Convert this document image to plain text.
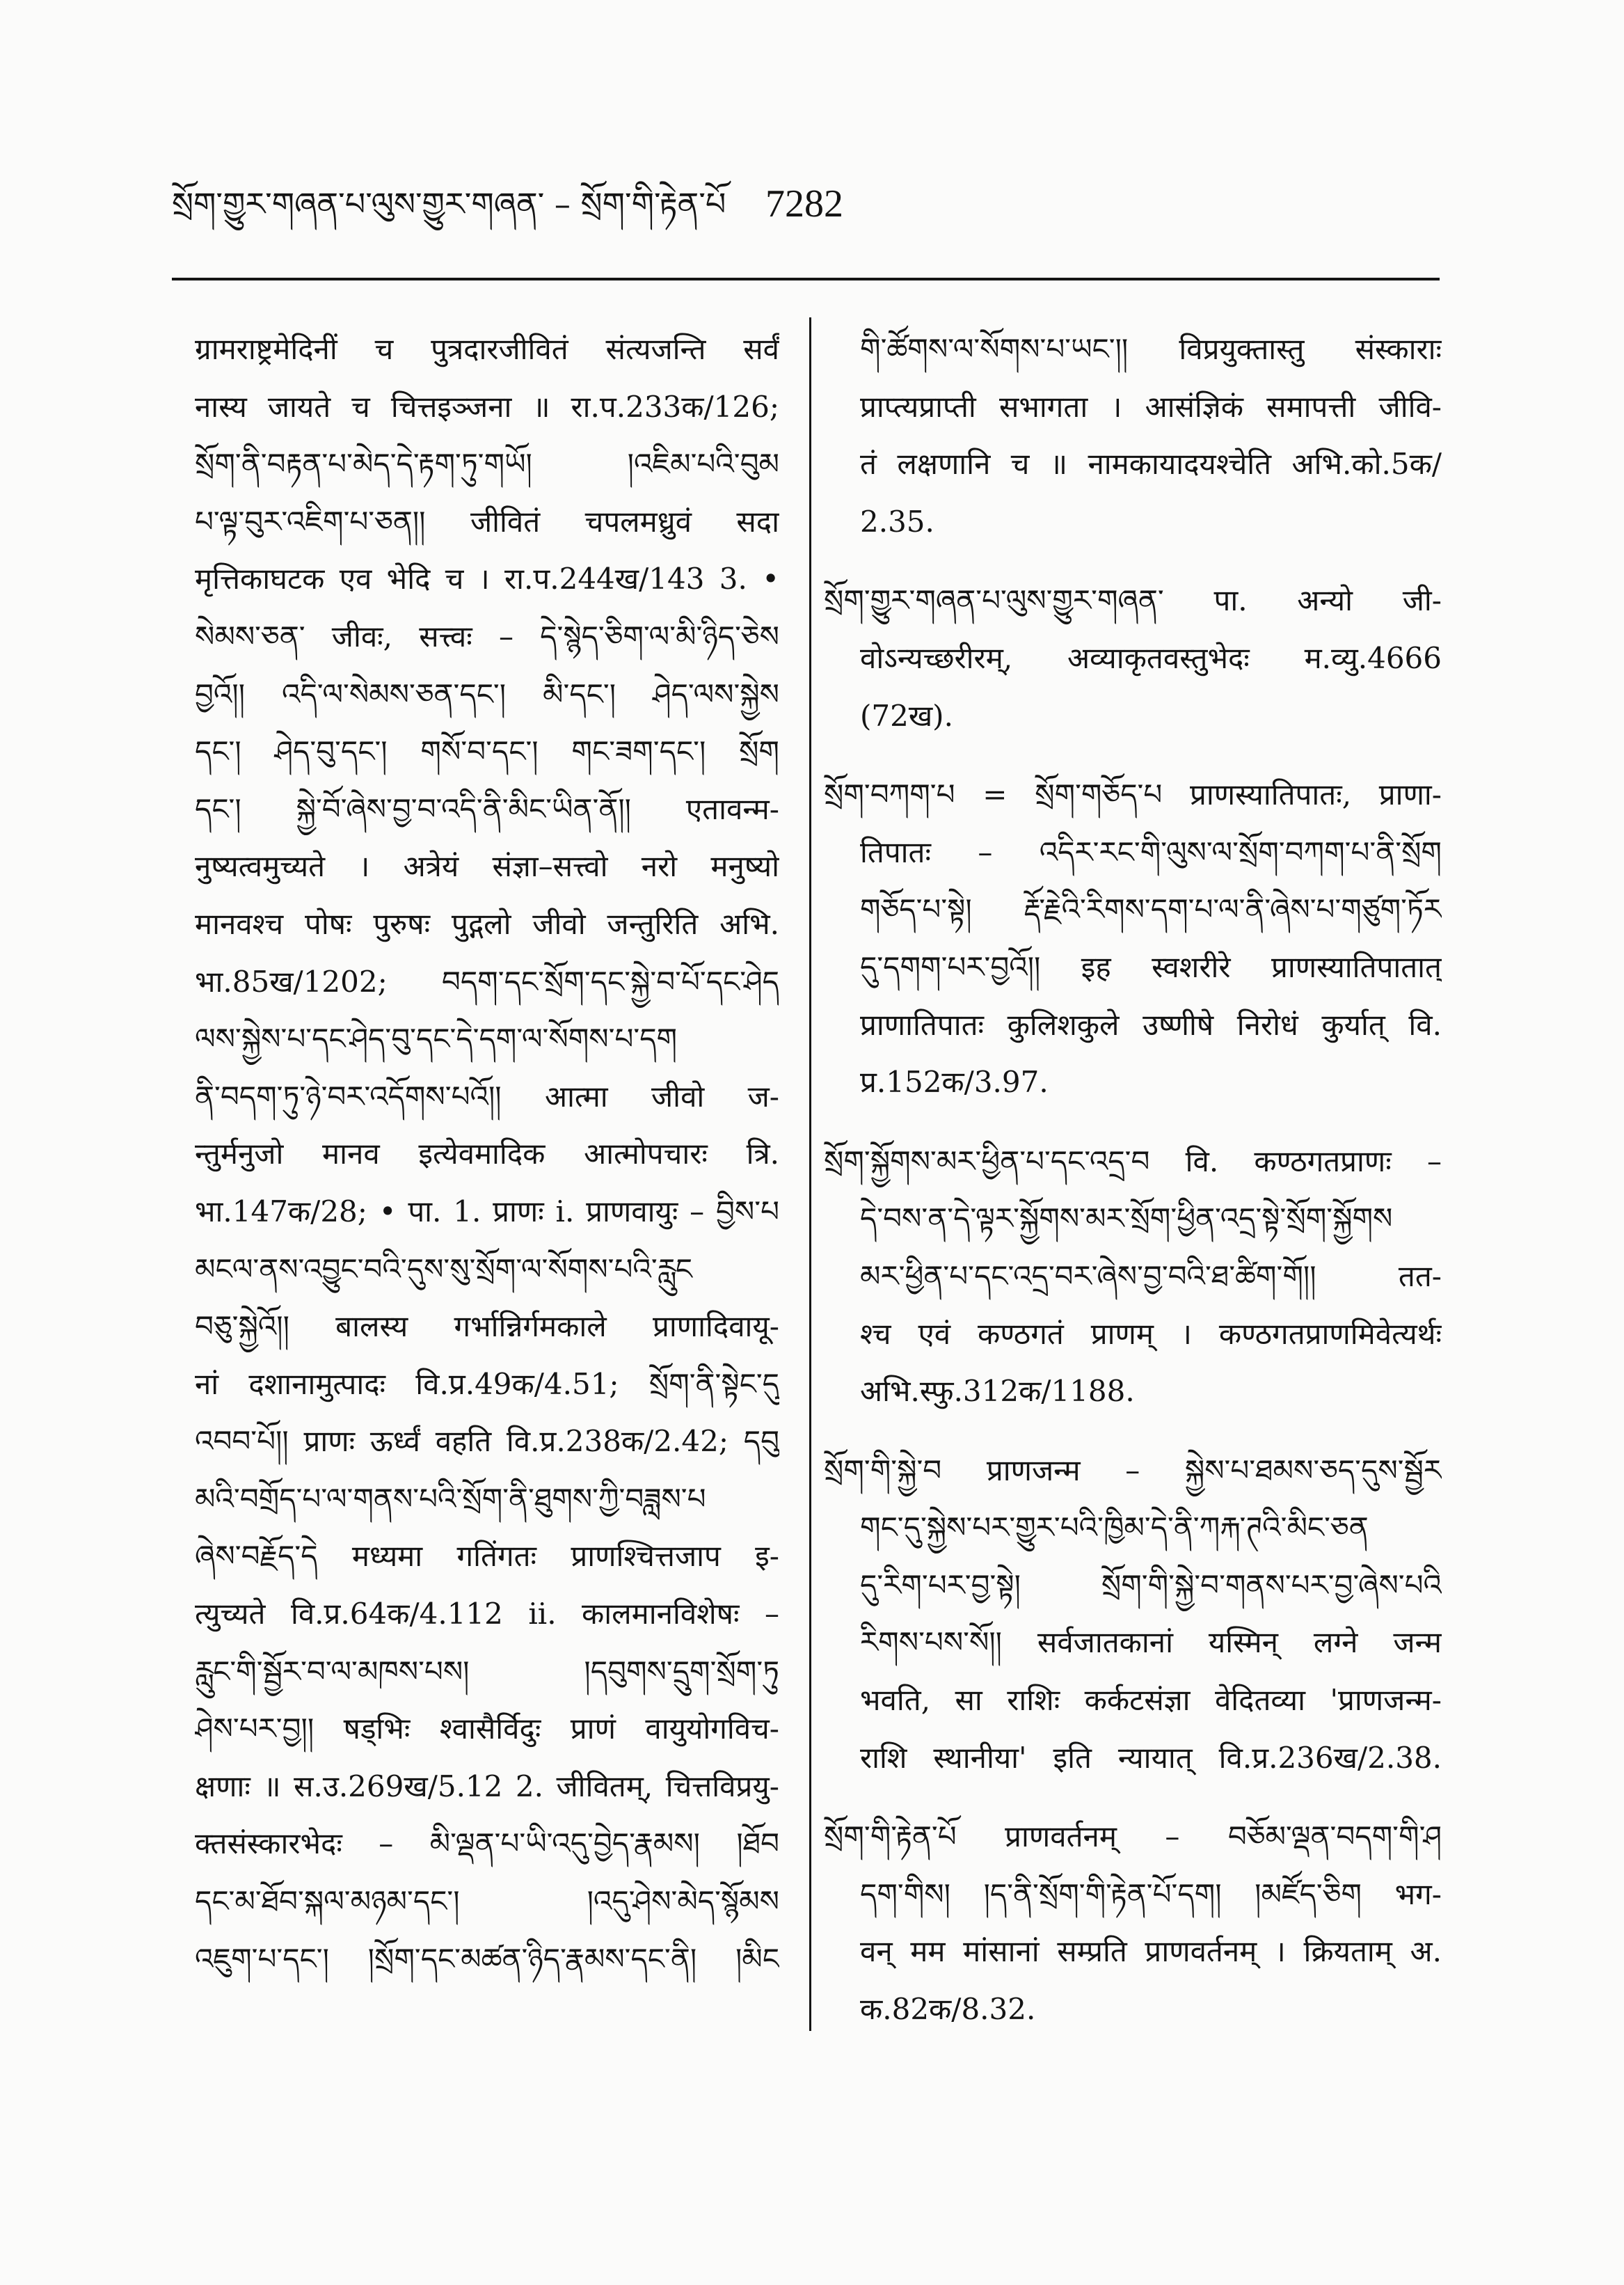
སྲོག་གྱུར་གཞན་པ་ལུས་གྱུར་གཞན་ – སྲོག་གི་རྟེན་པོ 7282
ग्रामराष्ट्रमेदिनीं च पुत्रदारजीवितं संत्यजन्ति सर्वं
नास्य जायते च चित्तइञ्जना ॥ रा.प.233क/126;
སྲོག་ནི་བརྟན་པ་མེད་དེ་རྟག་ཏུ་གཡོ། །འཇིམ་པའི་བུམ
པ་ལྟ་བུར་འཇིག་པ་ཅན།། जीवितं चपलमध्रुवं सदा
मृत्तिकाघटक एव भेदि च । रा.प.244ख/143 3. •
སེམས་ཅན་ जीवः, सत्त्वः – དེ་སྙེད་ཅིག་ལ་མི་ཉིད་ཅེས
བྱའོ།། འདི་ལ་སེམས་ཅན་དང་། མི་དང་། ཤེད་ལས་སྐྱེས
དང་། ཤེད་བུ་དང་། གསོ་བ་དང་། གང་ཟག་དང་། སྲོག
དང་། སྐྱེ་བོ་ཞེས་བྱ་བ་འདི་ནི་མིང་ཡིན་ནོ།། एतावन्म-
नुष्यत्वमुच्यते । अत्रेयं संज्ञा–सत्त्वो नरो मनुष्यो
मानवश्च पोषः पुरुषः पुद्गलो जीवो जन्तुरिति अभि.
भा.85ख/1202; བདག་དང་སྲོག་དང་སྐྱེ་བ་པོ་དང་ཤེད
ལས་སྐྱེས་པ་དང་ཤེད་བུ་དང་དེ་དག་ལ་སོགས་པ་དག
ནི་བདག་ཏུ་ཉེ་བར་འདོགས་པའོ།། आत्मा जीवो ज-
न्तुर्मनुजो मानव इत्येवमादिक आत्मोपचारः त्रि.
भा.147क/28; • पा. 1. प्राणः i. प्राणवायुः – བྱིས་པ
མངལ་ནས་འབྱུང་བའི་དུས་སུ་སྲོག་ལ་སོགས་པའི་རླུང
བཅུ་སྐྱེའོ།། बालस्य गर्भान्निर्गमकाले प्राणादिवायू-
नां दशानामुत्पादः वि.प्र.49क/4.51; སྲོག་ནི་སྟེང་དུ
འབབ་པོ།། प्राणः ऊर्ध्वं वहति वि.प्र.238क/2.42; དབུ
མའི་བགྲོད་པ་ལ་གནས་པའི་སྲོག་ནི་ཐུགས་ཀྱི་བཟླས་པ
ཞེས་བརྗོད་དེ मध्यमा गतिंगतः प्राणश्चित्तजाप इ-
त्युच्यते वि.प्र.64क/4.112 ii. कालमानविशेषः –
རླུང་གི་སྦྱོར་བ་ལ་མཁས་པས། །དབུགས་དྲུག་སྲོག་ཏུ
ཤེས་པར་བྱ།། षड्भिः श्वासैर्विदुः प्राणं वायुयोगविच-
क्षणाः ॥ स.उ.269ख/5.12 2. जीवितम्, चित्तविप्रयु-
क्तसंस्कारभेदः – མི་ལྡན་པ་ཡི་འདུ་བྱེད་རྣམས། །ཐོབ
དང་མ་ཐོབ་སྐལ་མཉམ་དང་། །འདུ་ཤེས་མེད་སྙོམས
འཇུག་པ་དང་། །སྲོག་དང་མཚན་ཉིད་རྣམས་དང་ནི། །མིང
གི་ཚོགས་ལ་སོགས་པ་ཡང་།། विप्रयुक्तास्तु संस्काराः
प्राप्त्यप्राप्ती सभागता । आसंज्ञिकं समापत्ती जीवि-
तं लक्षणानि च ॥ नामकायादयश्चेति अभि.को.5क/
2.35.
སྲོག་གྱུར་གཞན་པ་ལུས་གྱུར་གཞན་ पा. अन्यो जी-
वोऽन्यच्छरीरम्, अव्याकृतवस्तुभेदः म.व्यु.4666
(72ख).
སྲོག་བཀག་པ = སྲོག་གཅོད་པ प्राणस्यातिपातः, प्राणा-
तिपातः – འདིར་རང་གི་ལུས་ལ་སྲོག་བཀག་པ་ནི་སྲོག
གཅོད་པ་སྟེ། རྡོ་རྗེའི་རིགས་དག་པ་ལ་ནི་ཞེས་པ་གཙུག་ཏོར
དུ་དགག་པར་བྱའོ།། इह स्वशरीरे प्राणस्यातिपातात्
प्राणातिपातः कुलिशकुले उष्णीषे निरोधं कुर्यात् वि.
प्र.152क/3.97.
སྲོག་སྐྱོགས་མར་ཕྱིན་པ་དང་འདྲ་བ वि. कण्ठगतप्राणः –
དེ་བས་ན་དེ་ལྟར་སྐྱོགས་མར་སྲོག་ཕྱིན་འདྲ་སྟེ་སྲོག་སྐྱོགས
མར་ཕྱིན་པ་དང་འདྲ་བར་ཞེས་བྱ་བའི་ཐ་ཚིག་གོ།། तत-
श्च एवं कण्ठगतं प्राणम् । कण्ठगतप्राणमिवेत्यर्थः
अभि.स्फु.312क/1188.
སྲོག་གི་སྐྱེ་བ प्राणजन्म – སྐྱེས་པ་ཐམས་ཅད་དུས་སྦྱོར
གང་དུ་སྐྱེས་པར་གྱུར་པའི་ཁྱིམ་དེ་ནི་ཀརྐ་ཊའི་མིང་ཅན
དུ་རིག་པར་བྱ་སྟེ། སྲོག་གི་སྐྱེ་བ་གནས་པར་བྱ་ཞེས་པའི
རིགས་པས་སོ།། सर्वजातकानां यस्मिन् लग्ने जन्म
भवति, सा राशिः कर्कटसंज्ञा वेदितव्या 'प्राणजन्म-
राशि स्थानीया' इति न्यायात् वि.प्र.236ख/2.38.
སྲོག་གི་རྟེན་པོ प्राणवर्तनम् – བཅོམ་ལྡན་བདག་གི་ཤ
དག་གིས། །ད་ནི་སྲོག་གི་རྟེན་པོ་དག། །མཛོད་ཅིག भग-
वन् मम मांसानां सम्प्रति प्राणवर्तनम् । क्रियताम् अ.
क.82क/8.32.
